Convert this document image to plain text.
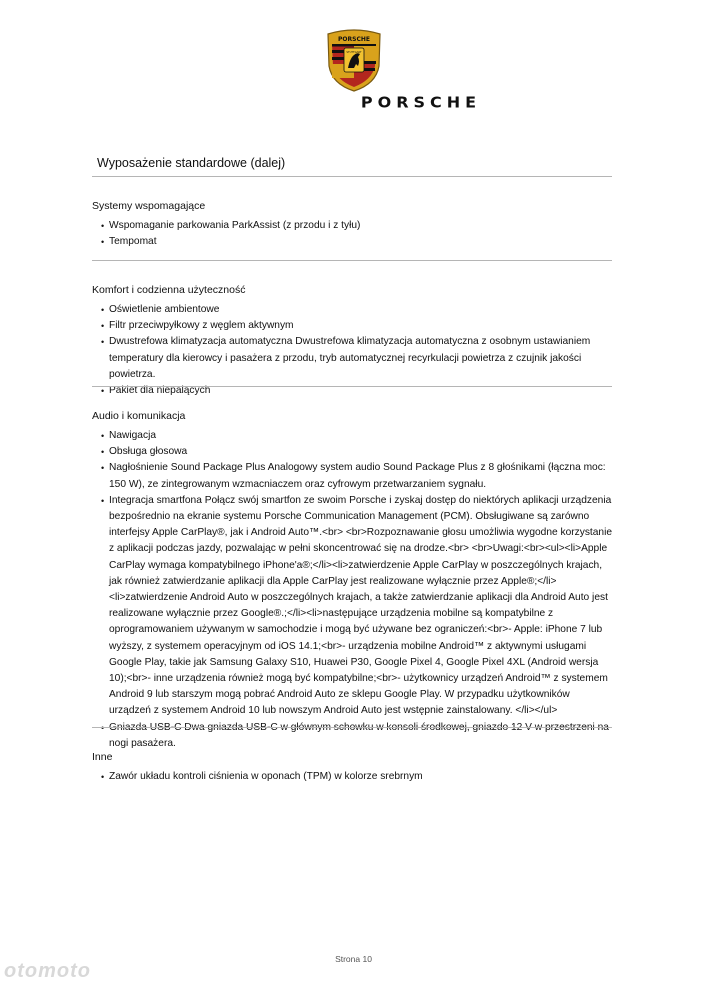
PORSCHE
STUTTGART
PORSCHE
Wyposażenie standardowe (dalej)
Systemy wspomagające
• Wspomaganie parkowania ParkAssist (z przodu i z tyłu)
• Tempomat
Komfort i codzienna użyteczność
• Oświetlenie ambientowe
• Filtr przeciwpyłkowy z węglem aktywnym
• Dwustrefowa klimatyzacja automatyczna Dwustrefowa klimatyzacja automatyczna z osobnym ustawianiem temperatury dla kierowcy i pasażera z przodu, tryb automatycznej recyrkulacji powietrza z czujnik jakości powietrza.
• Pakiet dla niepalących
Audio i komunikacja
• Nawigacja
• Obsługa głosowa
• Nagłośnienie Sound Package Plus Analogowy system audio Sound Package Plus z 8 głośnikami (łączna moc: 150 W), ze zintegrowanym wzmacniaczem oraz cyfrowym przetwarzaniem sygnału.
• Integracja smartfona Połącz swój smartfon ze swoim Porsche i zyskaj dostęp do niektórych aplikacji urządzenia bezpośrednio na ekranie systemu Porsche Communication Management (PCM). Obsługiwane są zarówno interfejsy Apple CarPlay®, jak i Android Auto™.<br> <br>Rozpoznawanie głosu umożliwia wygodne korzystanie z aplikacji podczas jazdy, pozwalając w pełni skoncentrować się na drodze.<br> <br>Uwagi:<br><ul><li>Apple CarPlay wymaga kompatybilnego iPhone'a®;</li><li>zatwierdzenie Apple CarPlay w poszczególnych krajach, jak również zatwierdzanie aplikacji dla Apple CarPlay jest realizowane wyłącznie przez Apple®;</li><li>zatwierdzenie Android Auto w poszczególnych krajach, a także zatwierdzanie aplikacji dla Android Auto jest realizowane wyłącznie przez Google®.;</li><li>następujące urządzenia mobilne są kompatybilne z oprogramowaniem używanym w samochodzie i mogą być używane bez ograniczeń:<br>- Apple: iPhone 7 lub wyższy, z systemem operacyjnym od iOS 14.1;<br>- urządzenia mobilne Android™ z aktywnymi usługami Google Play, takie jak Samsung Galaxy S10, Huawei P30, Google Pixel 4, Google Pixel 4XL (Android wersja 10);<br>- inne urządzenia również mogą być kompatybilne;<br>- użytkownicy urządzeń Android™ z systemem Android 9 lub starszym mogą pobrać Android Auto ze sklepu Google Play. W przypadku użytkowników urządzeń z systemem Android 10 lub nowszym Android Auto jest wstępnie zainstalowany. </li></ul>
• Gniazda USB-C Dwa gniazda USB-C w głównym schowku w konsoli środkowej, gniazdo 12 V w przestrzeni na nogi pasażera.
Inne
• Zawór układu kontroli ciśnienia w oponach (TPM) w kolorze srebrnym
Strona 10
otomoto
